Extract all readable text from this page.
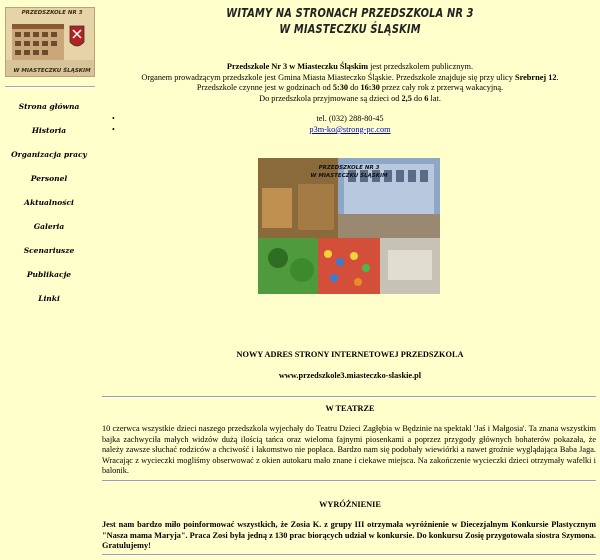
PRZEDSZKOLE NR 3
W MIASTECZKU ŚLĄSKIM
Strona główna
Historia
Organizacja pracy
Personel
Aktualności
Galeria
Scenariusze
Publikacje
Linki
WITAMY NA STRONACH PRZEDSZKOLA NR 3
W MIASTECZKU ŚLĄSKIM
Przedszkole Nr 3 w Miasteczku Śląskim jest przedszkolem publicznym.
Organem prowadzącym przedszkole jest Gmina Miasta Miasteczko Śląskie. Przedszkole znajduje się przy ulicy Srebrnej 12.
Przedszkole czynne jest w godzinach od 5:30 do 16:30 przez cały rok z przerwą wakacyjną.
Do przedszkola przyjmowane są dzieci od 2,5 do 6 lat.
•	tel. (032) 288-80-45
•	p3m-ko@strong-pc.com
PRZEDSZKOLE NR 3
W MIASTECZKU ŚLĄSKIM
NOWY ADRES STRONY INTERNETOWEJ PRZEDSZKOLA
www.przedszkole3.miasteczko-slaskie.pl
W TEATRZE
10 czerwca wszystkie dzieci naszego przedszkola wyjechały do Teatru Dzieci Zagłębia w Będzinie na spektakl 'Jaś i Małgosia'. Ta znana wszystkim bajka zachwyciła małych widzów dużą ilością tańca oraz wieloma fajnymi piosenkami a poprzez przygody głównych bohaterów pokazała, że należy zawsze słuchać rodziców a chciwość i łakomstwo nie popłaca. Bardzo nam się podobały wiewiórki a nawet groźnie wyglądająca Baba Jaga. Wracając z wycieczki mogliśmy obserwować z okien autokaru mało znane i ciekawe miejsca. Na zakończenie wycieczki dzieci otrzymały wafelki i balonik.
WYRÓŻNIENIE
Jest nam bardzo miło poinformować wszystkich, że Zosia K. z grupy III otrzymała wyróżnienie w Diecezjalnym Konkursie Plastycznym "Nasza mama Maryja". Praca Zosi była jedną z 130 prac biorących udział w konkursie. Do konkursu Zosię przygotowała siostra Szymona. Gratulujemy!
